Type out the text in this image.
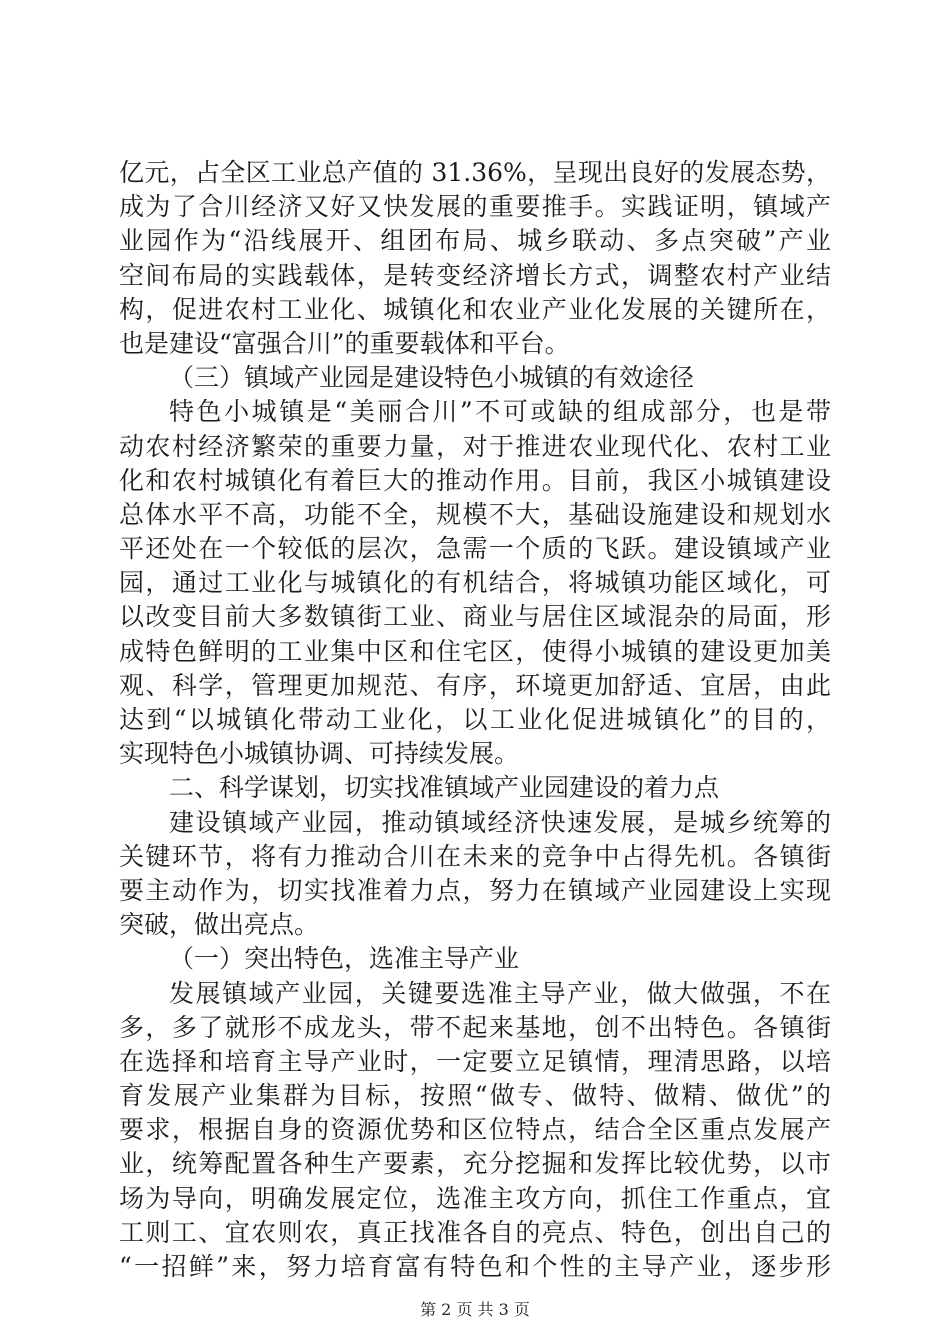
亿元，占全区工业总产值的 31.36%，呈现出良好的发展态势，
成为了合川经济又好又快发展的重要推手。实践证明，镇域产
业园作为“沿线展开、组团布局、城乡联动、多点突破”产业
空间布局的实践载体，是转变经济增长方式，调整农村产业结
构，促进农村工业化、城镇化和农业产业化发展的关键所在，
也是建设“富强合川”的重要载体和平台。
（三）镇域产业园是建设特色小城镇的有效途径
特色小城镇是“美丽合川”不可或缺的组成部分，也是带
动农村经济繁荣的重要力量，对于推进农业现代化、农村工业
化和农村城镇化有着巨大的推动作用。目前，我区小城镇建设
总体水平不高，功能不全，规模不大，基础设施建设和规划水
平还处在一个较低的层次，急需一个质的飞跃。建设镇域产业
园，通过工业化与城镇化的有机结合，将城镇功能区域化，可
以改变目前大多数镇街工业、商业与居住区域混杂的局面，形
成特色鲜明的工业集中区和住宅区，使得小城镇的建设更加美
观、科学，管理更加规范、有序，环境更加舒适、宜居，由此
达到“以城镇化带动工业化，以工业化促进城镇化”的目的，
实现特色小城镇协调、可持续发展。
二、科学谋划，切实找准镇域产业园建设的着力点
建设镇域产业园，推动镇域经济快速发展，是城乡统筹的
关键环节，将有力推动合川在未来的竞争中占得先机。各镇街
要主动作为，切实找准着力点，努力在镇域产业园建设上实现
突破，做出亮点。
（一）突出特色，选准主导产业
发展镇域产业园，关键要选准主导产业，做大做强，不在
多，多了就形不成龙头，带不起来基地，创不出特色。各镇街
在选择和培育主导产业时，一定要立足镇情，理清思路，以培
育发展产业集群为目标，按照“做专、做特、做精、做优”的
要求，根据自身的资源优势和区位特点，结合全区重点发展产
业，统筹配置各种生产要素，充分挖掘和发挥比较优势，以市
场为导向，明确发展定位，选准主攻方向，抓住工作重点，宜
工则工、宜农则农，真正找准各自的亮点、特色，创出自己的
“一招鲜”来，努力培育富有特色和个性的主导产业，逐步形
第 2 页 共 3 页
